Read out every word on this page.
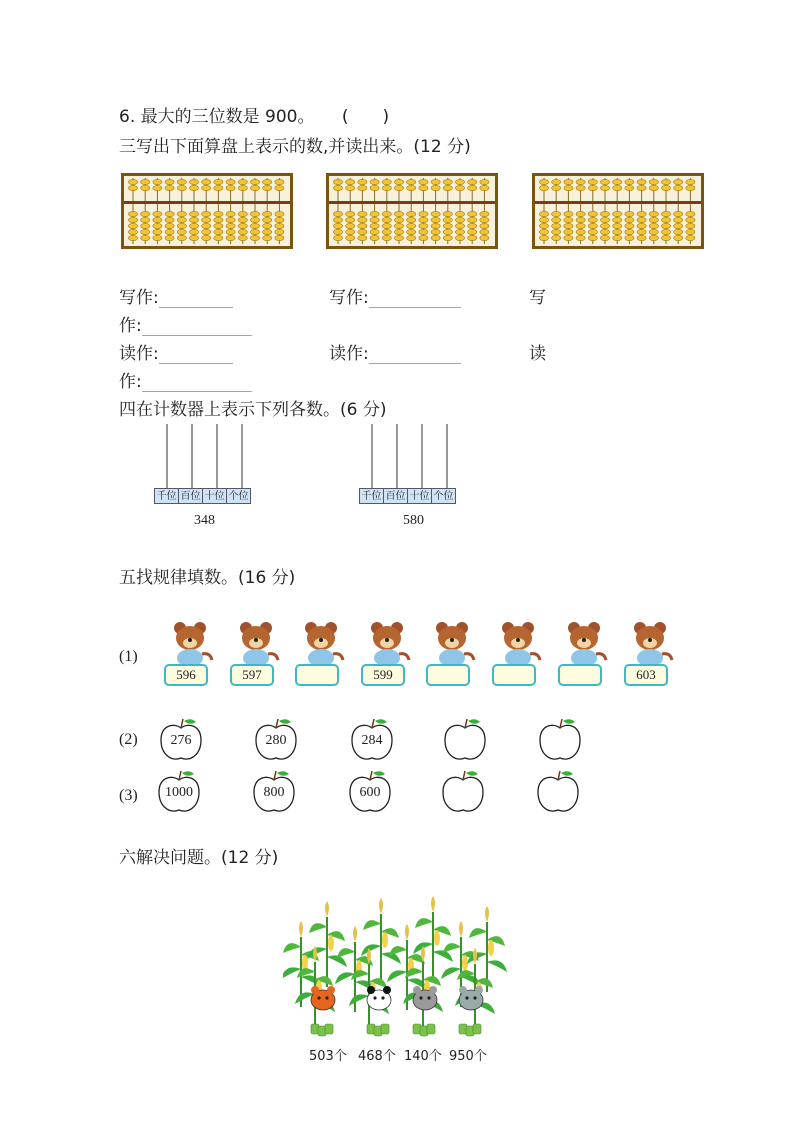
6. 最大的三位数是 900。 (　　)
三写出下面算盘上表示的数,并读出来。(12 分)
写作:	写作:	写
作:
读作:	读作:	读
作:
四在计数器上表示下列各数。(6 分)
千位 百位 十位 个位
348
千位 百位 十位 个位
580
五找规律填数。(16 分)
(1)
596	597	599	603
(2)	276	280	284
(3)	1000	800	600
六解决问题。(12 分)
503个 468个 140个 950个
